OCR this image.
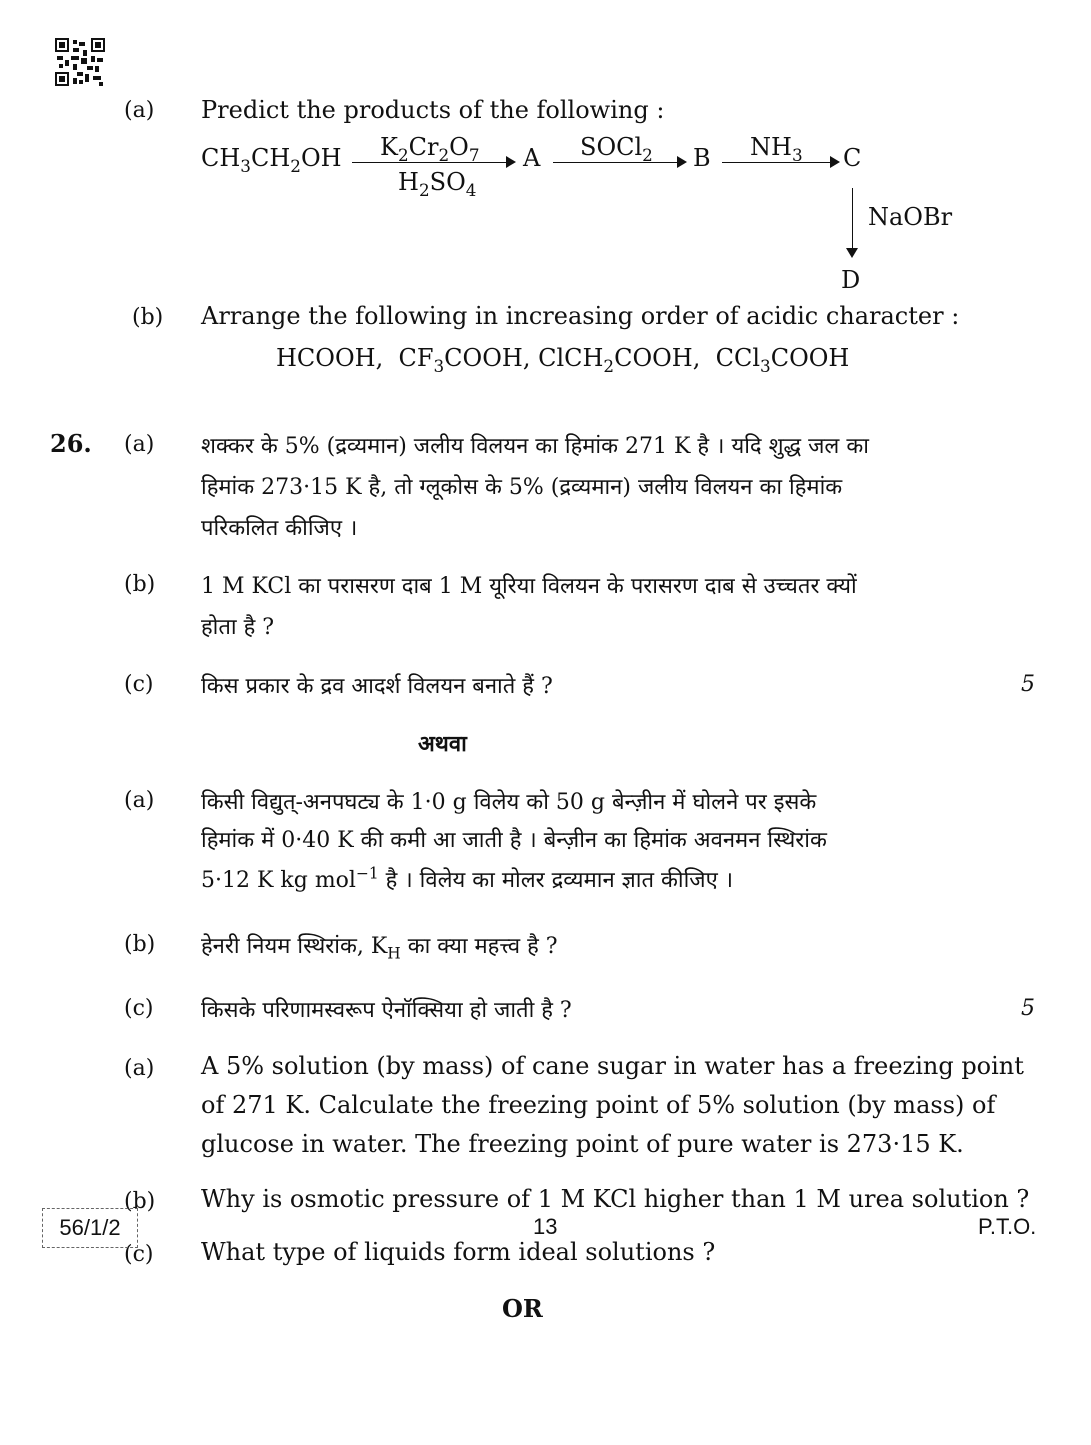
(a) Predict the products of the following :
$CH_3CH_2OH$ $K_2Cr_2O_7$
$H_2SO_4$
A SOCl$_2$ B $NH_3$ C
NaOBr
D
(b) Arrange the following in increasing order of acidic character :
HCOOH,  $CF_3COOH$, ClCH$_2$COOH,  CCl$_3$COOH
26. (a) शक्कर के 5% (द्रव्यमान) जलीय विलयन का हिमांक 271 K है । यदि शुद्ध जल का
हिमांक 273·15 K है, तो ग्लूकोस के 5% (द्रव्यमान) जलीय विलयन का हिमांक
परिकलित कीजिए ।
(b) 1 M KCl का परासरण दाब 1 M यूरिया विलयन के परासरण दाब से उच्चतर क्यों
होता है ?
(c) किस प्रकार के द्रव आदर्श विलयन बनाते हैं ?	5
अथवा
(a) किसी विद्युत्-अनपघट्य के 1·0 g विलेय को 50 g बेन्ज़ीन में घोलने पर इसके
हिमांक में 0·40 K की कमी आ जाती है । बेन्ज़ीन का हिमांक अवनमन स्थिरांक
5·12 K kg mol$^{-1}$ है । विलेय का मोलर द्रव्यमान ज्ञात कीजिए ।
(b) हेनरी नियम स्थिरांक, $K_H$ का क्या महत्त्व है ?
(c) किसके परिणामस्वरूप ऐनॉक्सिया हो जाती है ?	5
(a) A 5% solution (by mass) of cane sugar in water has a freezing point
of 271 K. Calculate the freezing point of 5% solution (by mass) of
glucose in water. The freezing point of pure water is 273·15 K.
(b) Why is osmotic pressure of 1 M KCl higher than 1 M urea solution ?
(c) What type of liquids form ideal solutions ?
OR
56/1/2	13	P.T.O.
